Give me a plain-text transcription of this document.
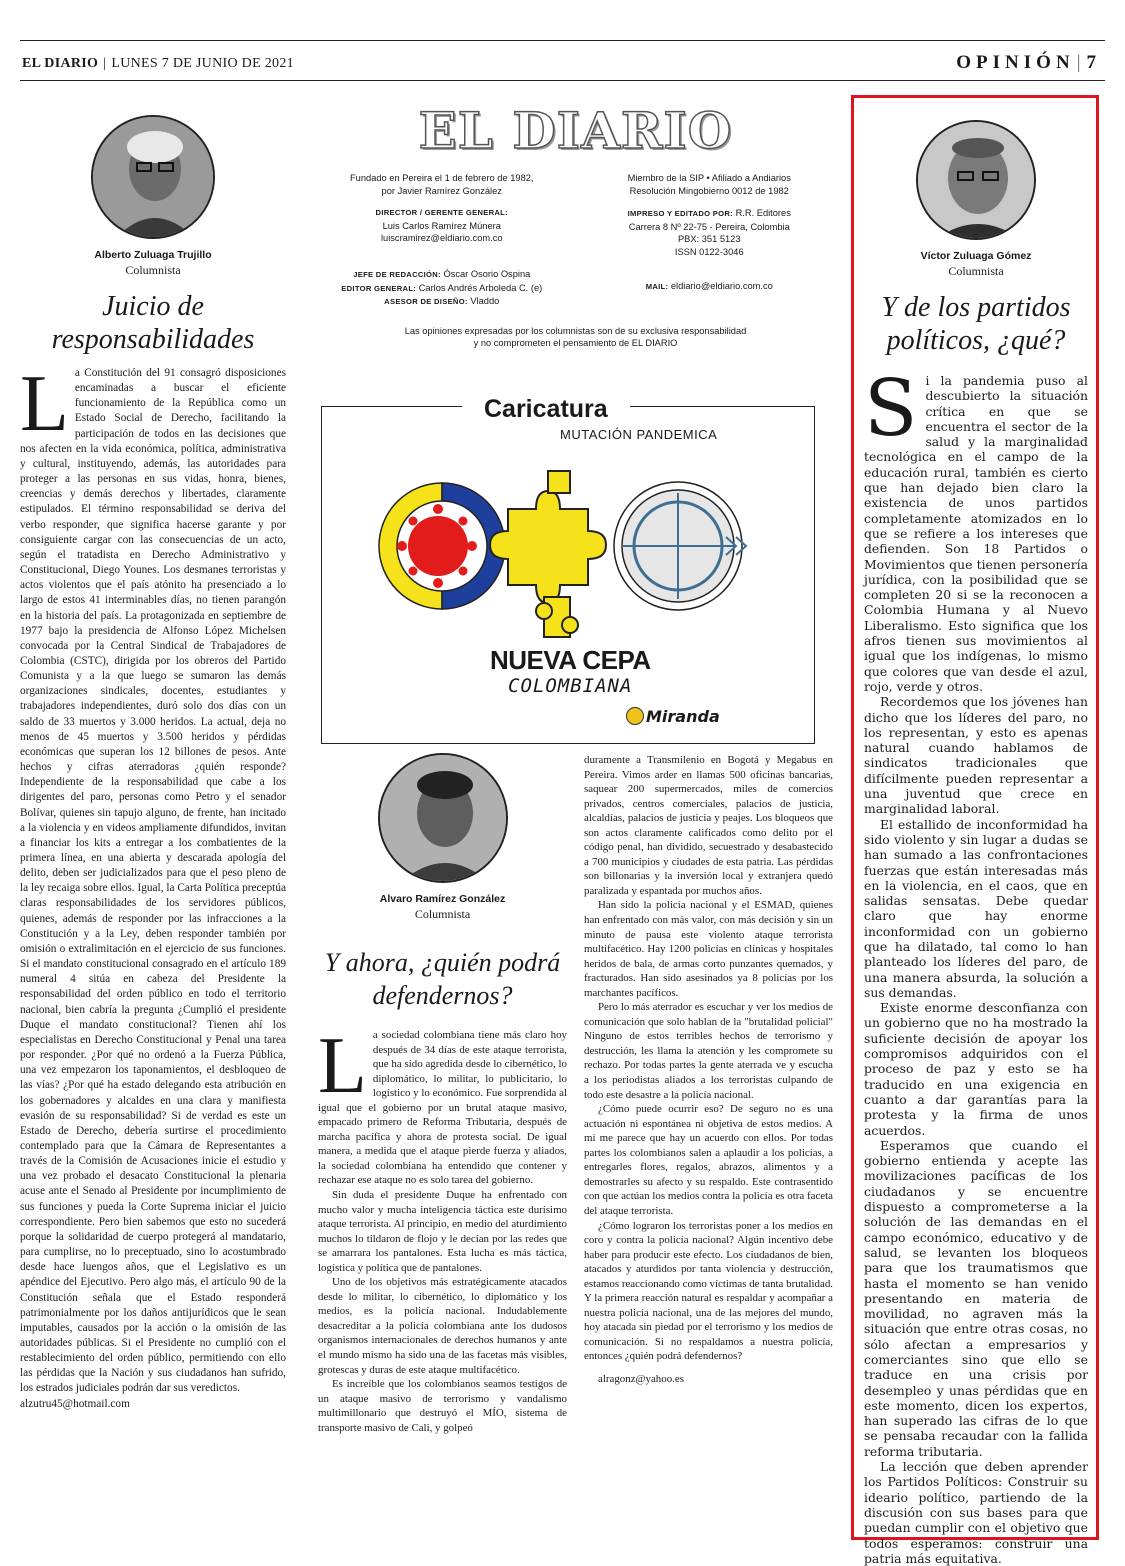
EL DIARIO | LUNES 7 DE JUNIO DE 2021	OPINIÓN | 7
Alberto Zuluaga Trujillo
Columnista
Juicio de responsabilidades

La Constitución del 91 consagró disposiciones encaminadas a buscar el eficiente funcionamiento de la República como un Estado Social de Derecho, facilitando la participación de todos en las decisiones que nos afecten en la vida económica, política, administrativa y cultural, instituyendo, además, las autoridades para proteger a las personas en sus vidas, honra, bienes, creencias y demás derechos y libertades, claramente estipulados. El término responsabilidad se deriva del verbo responder, que significa hacerse garante y por consiguiente cargar con las consecuencias de un acto, según el tratadista en Derecho Administrativo y Constitucional, Diego Younes. Los desmanes terroristas y actos violentos que el país atónito ha presenciado a lo largo de estos 41 interminables días, no tienen parangón en la historia del país. La protagonizada en septiembre de 1977 bajo la presidencia de Alfonso López Michelsen convocada por la Central Sindical de Trabajadores de Colombia (CSTC), dirigida por los obreros del Partido Comunista y a la que luego se sumaron las demás organizaciones sindicales, docentes, estudiantes y trabajadores independientes, duró solo dos días con un saldo de 33 muertos y 3.000 heridos. La actual, deja no menos de 45 muertos y 3.500 heridos y pérdidas económicas que superan los 12 billones de pesos. Ante hechos y cifras aterradoras ¿quién responde? Independiente de la responsabilidad que cabe a los dirigentes del paro, personas como Petro y el senador Bolívar, quienes sin tapujo alguno, de frente, han incitado a la violencia y en videos ampliamente difundidos, invitan a financiar los kits a entregar a los combatientes de la primera línea, en una abierta y descarada apología del delito, deben ser judicializados para que el peso pleno de la ley recaiga sobre ellos. Igual, la Carta Política preceptúa claras responsabilidades de los servidores públicos, quienes, además de responder por las infracciones a la Constitución y a la Ley, deben responder también por omisión o extralimitación en el ejercicio de sus funciones. Si el mandato constitucional consagrado en el artículo 189 numeral 4 sitúa en cabeza del Presidente la responsabilidad del orden público en todo el territorio nacional, bien cabría la pregunta ¿Cumplió el presidente Duque el mandato constitucional? Tienen ahí los especialistas en Derecho Constitucional y Penal una tarea por responder. ¿Por qué no ordenó a la Fuerza Pública, una vez empezaron los taponamientos, el desbloqueo de las vías? ¿Por qué ha estado delegando esta atribución en los gobernadores y alcaldes en una clara y manifiesta evasión de su responsabilidad? Si de verdad es este un Estado de Derecho, debería surtirse el procedimiento contemplado para que la Cámara de Representantes a través de la Comisión de Acusaciones inicie el estudio y una vez probado el desacato Constitucional la plenaria acuse ante el Senado al Presidente por incumplimiento de sus funciones y pueda la Corte Suprema iniciar el juicio correspondiente. Pero bien sabemos que esto no sucederá porque la solidaridad de cuerpo protegerá al mandatario, para cumplirse, no lo preceptuado, sino lo acostumbrado desde hace luengos años, que el Legislativo es un apéndice del Ejecutivo. Pero algo más, el artículo 90 de la Constitución señala que el Estado responderá patrimonialmente por los daños antijurídicos que le sean imputables, causados por la acción o la omisión de las autoridades públicas. Si el Presidente no cumplió con el restablecimiento del orden público, permitiendo con ello las pérdidas que la Nación y sus ciudadanos han sufrido, los estrados judiciales podrán dar sus veredictos.

alzutru45@hotmail.com

EL DIARIO
Fundado en Pereira el 1 de febrero de 1982,
por Javier Ramírez González
Miembro de la SIP • Afiliado a Andiarios
Resolución Mingobierno 0012 de 1982
DIRECTOR / GERENTE GENERAL:
Luis Carlos Ramírez Múnera
luiscramirez@eldiario.com.co
IMPRESO Y EDITADO POR: R.R. Editores
Carrera 8 Nº 22-75 - Pereira, Colombia
PBX: 351 5123
ISSN 0122-3046
JEFE DE REDACCIÓN: Óscar Osorio Ospina
EDITOR GENERAL: Carlos Andrés Arboleda C. (e)
ASESOR DE DISEÑO: Vladdo
MAIL: eldiario@eldiario.com.co
Las opiniones expresadas por los columnistas son de su exclusiva responsabilidad
y no comprometen el pensamiento de EL DIARIO
Caricatura
MUTACIÓN PANDEMICA
NUEVA CEPA
COLOMBIANA
Miranda
Alvaro Ramírez González
Columnista
Y ahora, ¿quién podrá defendernos?

La sociedad colombiana tiene más claro hoy después de 34 días de este ataque terrorista, que ha sido agredida desde lo cibernético, lo diplomático, lo militar, lo publicitario, lo logístico y lo económico. Fue sorprendida al igual que el gobierno por un brutal ataque masivo, empacado primero de Reforma Tributaria, después de marcha pacífica y ahora de protesta social. De igual manera, a medida que el ataque pierde fuerza y aliados, la sociedad colombiana ha entendido que contener y rechazar ese ataque no es solo tarea del gobierno.

Sin duda el presidente Duque ha enfrentado con mucho valor y mucha inteligencia táctica este durísimo ataque terrorista. Al principio, en medio del aturdimiento muchos lo tildaron de flojo y le decían por las redes que se amarrara los pantalones. Esta lucha es más táctica, logística y política que de pantalones.

Uno de los objetivos más estratégicamente atacados desde lo militar, lo cibernético, lo diplomático y los medios, es la policía nacional. Indudablemente desacreditar a la policía colombiana ante los dudosos organismos internacionales de derechos humanos y ante el mundo mismo ha sido una de las facetas más visibles, grotescas y duras de este ataque multifacético.

Es increíble que los colombianos seamos testigos de un ataque masivo de terrorismo y vandalismo multimillonario que destruyó el MÍO, sistema de transporte masivo de Cali, y golpeó

duramente a Transmilenio en Bogotá y Megabus en Pereira. Vimos arder en llamas 500 oficinas bancarias, saquear 200 supermercados, miles de comercios privados, centros comerciales, palacios de justicia, alcaldías, palacios de justicia y peajes. Los bloqueos que son actos claramente calificados como delito por el código penal, han dividido, secuestrado y desabastecido a 700 municipios y ciudades de esta patria. Las pérdidas son billonarias y la inversión local y extranjera quedó paralizada y espantada por muchos años.

Han sido la policía nacional y el ESMAD, quienes han enfrentado con más valor, con más decisión y sin un minuto de pausa este violento ataque terrorista multifacético. Hay 1200 policías en clínicas y hospitales heridos de bala, de armas corto punzantes quemados, y fracturados. Han sido asesinados ya 8 policías por los marchantes pacíficos.

Pero lo más aterrador es escuchar y ver los medios de comunicación que solo hablan de la "brutalidad policial" Ninguno de estos terribles hechos de terrorismo y destrucción, les llama la atención y les compromete su rechazo. Por todas partes la gente aterrada ve y escucha a los periodistas aliados a los terroristas culpando de todo este desastre a la policía nacional.

¿Cómo puede ocurrir eso? De seguro no es una actuación ni espontánea ni objetiva de estos medios. A mí me parece que hay un acuerdo con ellos. Por todas partes los colombianos salen a aplaudir a los policías, a entregarles flores, regalos, abrazos, alimentos y a demostrarles su afecto y su respaldo. Este contrasentido con que actúan los medios contra la policía es otra faceta del ataque terrorista.

¿Cómo lograron los terroristas poner a los medios en coro y contra la policía nacional? Algún incentivo debe haber para producir este efecto. Los ciudadanos de bien, atacados y aturdidos por tanta violencia y destrucción, estamos reaccionando como víctimas de tanta brutalidad. Y la primera reacción natural es respaldar y acompañar a nuestra policía nacional, una de las mejores del mundo, hoy atacada sin piedad por el terrorismo y los medios de comunicación. Si no respaldamos a nuestra policía, entonces ¿quién podrá defendernos?

alragonz@yahoo.es

Víctor Zuluaga Gómez
Columnista
Y de los partidos políticos, ¿qué?

Si la pandemia puso al descubierto la situación crítica en que se encuentra el sector de la salud y la marginalidad tecnológica en el campo de la educación rural, también es cierto que han dejado bien claro la existencia de unos partidos completamente atomizados en lo que se refiere a los intereses que defienden. Son 18 Partidos o Movimientos que tienen personería jurídica, con la posibilidad que se completen 20 si se la reconocen a Colombia Humana y al Nuevo Liberalismo. Esto significa que los afros tienen sus movimientos al igual que los indígenas, lo mismo que colores que van desde el azul, rojo, verde y otros.

Recordemos que los jóvenes han dicho que los líderes del paro, no los representan, y esto es apenas natural cuando hablamos de sindicatos tradicionales que difícilmente pueden representar a una juventud que crece en marginalidad laboral.

El estallido de inconformidad ha sido violento y sin lugar a dudas se han sumado a las confrontaciones fuerzas que están interesadas más en la violencia, en el caos, que en salidas sensatas. Debe quedar claro que hay enorme inconformidad con un gobierno que ha dilatado, tal como lo han planteado los líderes del paro, de una manera absurda, la solución a sus demandas.

Existe enorme desconfianza con un gobierno que no ha mostrado la suficiente decisión de apoyar los compromisos adquiridos con el proceso de paz y esto se ha traducido en una exigencia en cuanto a dar garantías para la protesta y la firma de unos acuerdos.

Esperamos que cuando el gobierno entienda y acepte las movilizaciones pacíficas de los ciudadanos y se encuentre dispuesto a comprometerse a la solución de las demandas en el campo económico, educativo y de salud, se levanten los bloqueos para que los traumatismos que hasta el momento se han venido presentando en materia de movilidad, no agraven más la situación que entre otras cosas, no sólo afectan a empresarios y comerciantes sino que ello se traduce en una crisis por desempleo y unas pérdidas que en este momento, dicen los expertos, han superado las cifras de lo que se pensaba recaudar con la fallida reforma tributaria.

La lección que deben aprender los Partidos Políticos: Construir su ideario político, partiendo de la discusión con sus bases para que puedan cumplir con el objetivo que todos esperamos: construir una patria más equitativa.
